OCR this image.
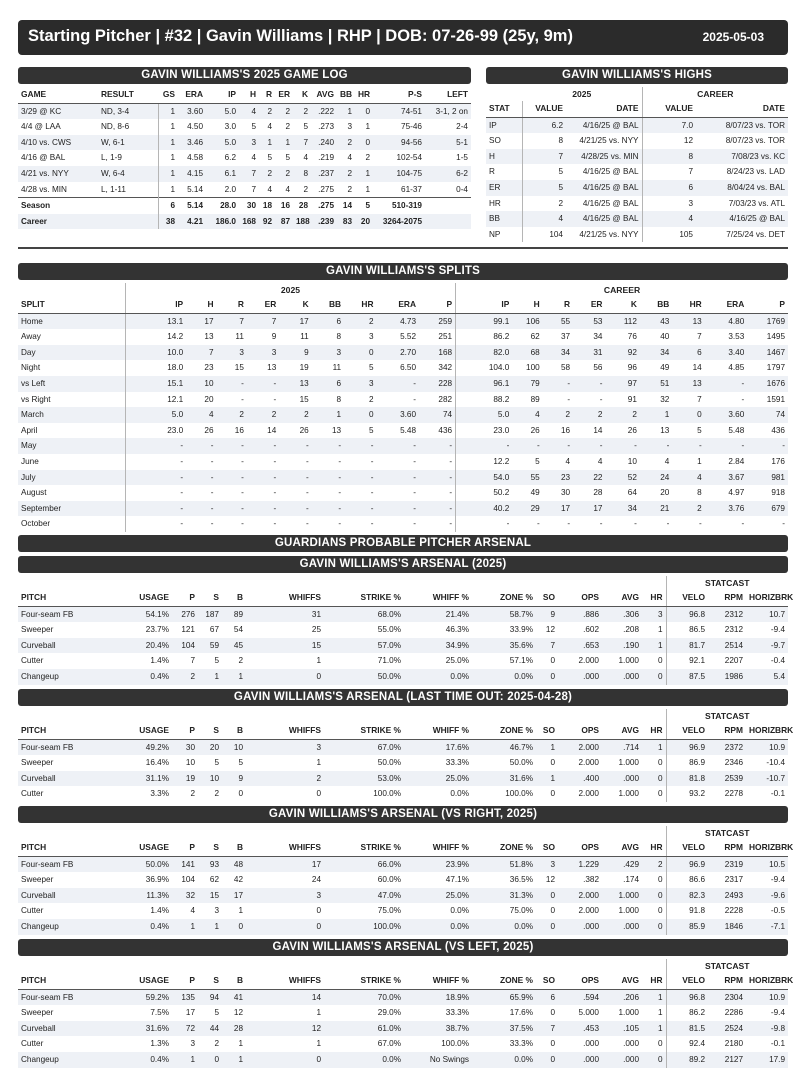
Starting Pitcher | #32 | Gavin Williams | RHP | DOB: 07-26-99 (25y, 9m)	2025-05-03
GAVIN WILLIAMS'S 2025 GAME LOG
GAME	RESULT	GS	ERA	IP	H	R	ER	K	AVG	BB	HR	P-S	LEFT
3/29 @ KC	ND, 3-4	1	3.60	5.0	4	2	2	2	.222	1	0	74-51	3-1, 2 on
4/4 @ LAA	ND, 8-6	1	4.50	3.0	5	4	2	5	.273	3	1	75-46	2-4
4/10 vs. CWS	W, 6-1	1	3.46	5.0	3	1	1	7	.240	2	0	94-56	5-1
4/16 @ BAL	L, 1-9	1	4.58	6.2	4	5	5	4	.219	4	2	102-54	1-5
4/21 vs. NYY	W, 6-4	1	4.15	6.1	7	2	2	8	.237	2	1	104-75	6-2
4/28 vs. MIN	L, 1-11	1	5.14	2.0	7	4	4	2	.275	2	1	61-37	0-4
Season		6	5.14	28.0	30	18	16	28	.275	14	5	510-319	
Career		38	4.21	186.0	168	92	87	188	.239	83	20	3264-2075	
GAVIN WILLIAMS'S HIGHS
	2025		CAREER	
STAT	VALUE	DATE	VALUE	DATE
IP	6.2	4/16/25 @ BAL	7.0	8/07/23 vs. TOR
SO	8	4/21/25 vs. NYY	12	8/07/23 vs. TOR
H	7	4/28/25 vs. MIN	8	7/08/23 vs. KC
R	5	4/16/25 @ BAL	7	8/24/23 vs. LAD
ER	5	4/16/25 @ BAL	6	8/04/24 vs. BAL
HR	2	4/16/25 @ BAL	3	7/03/23 vs. ATL
BB	4	4/16/25 @ BAL	4	4/16/25 @ BAL
NP	104	4/21/25 vs. NYY	105	7/25/24 vs. DET
GAVIN WILLIAMS'S SPLITS
	2025									CAREER								
SPLIT	IP	H	R	ER	K	BB	HR	ERA	P	IP	H	R	ER	K	BB	HR	ERA	P
Home	13.1	17	7	7	17	6	2	4.73	259	99.1	106	55	53	112	43	13	4.80	1769
Away	14.2	13	11	9	11	8	3	5.52	251	86.2	62	37	34	76	40	7	3.53	1495
Day	10.0	7	3	3	9	3	0	2.70	168	82.0	68	34	31	92	34	6	3.40	1467
Night	18.0	23	15	13	19	11	5	6.50	342	104.0	100	58	56	96	49	14	4.85	1797
vs Left	15.1	10	-	-	13	6	3	-	228	96.1	79	-	-	97	51	13	-	1676
vs Right	12.1	20	-	-	15	8	2	-	282	88.2	89	-	-	91	32	7	-	1591
March	5.0	4	2	2	2	1	0	3.60	74	5.0	4	2	2	2	1	0	3.60	74
April	23.0	26	16	14	26	13	5	5.48	436	23.0	26	16	14	26	13	5	5.48	436
May	-	-	-	-	-	-	-	-	-	-	-	-	-	-	-	-	-	-
June	-	-	-	-	-	-	-	-	-	12.2	5	4	4	10	4	1	2.84	176
July	-	-	-	-	-	-	-	-	-	54.0	55	23	22	52	24	4	3.67	981
August	-	-	-	-	-	-	-	-	-	50.2	49	30	28	64	20	8	4.97	918
September	-	-	-	-	-	-	-	-	-	40.2	29	17	17	34	21	2	3.76	679
October	-	-	-	-	-	-	-	-	-	-	-	-	-	-	-	-	-	-
GUARDIANS PROBABLE PITCHER ARSENAL
GAVIN WILLIAMS'S ARSENAL (2025)
													STATCAST		
PITCH	USAGE	P	S	B	WHIFFS	STRIKE %	WHIFF %	ZONE %	SO	OPS	AVG	HR	VELO	RPM	HORIZBRK
Four-seam FB	54.1%	276	187	89	31	68.0%	21.4%	58.7%	9	.886	.306	3	96.8	2312	10.7
Sweeper	23.7%	121	67	54	25	55.0%	46.3%	33.9%	12	.602	.208	1	86.5	2312	-9.4
Curveball	20.4%	104	59	45	15	57.0%	34.9%	35.6%	7	.653	.190	1	81.7	2514	-9.7
Cutter	1.4%	7	5	2	1	71.0%	25.0%	57.1%	0	2.000	1.000	0	92.1	2207	-0.4
Changeup	0.4%	2	1	1	0	50.0%	0.0%	0.0%	0	.000	.000	0	87.5	1986	5.4
GAVIN WILLIAMS'S ARSENAL (LAST TIME OUT: 2025-04-28)
													STATCAST		
PITCH	USAGE	P	S	B	WHIFFS	STRIKE %	WHIFF %	ZONE %	SO	OPS	AVG	HR	VELO	RPM	HORIZBRK
Four-seam FB	49.2%	30	20	10	3	67.0%	17.6%	46.7%	1	2.000	.714	1	96.9	2372	10.9
Sweeper	16.4%	10	5	5	1	50.0%	33.3%	50.0%	0	2.000	1.000	0	86.9	2346	-10.4
Curveball	31.1%	19	10	9	2	53.0%	25.0%	31.6%	1	.400	.000	0	81.8	2539	-10.7
Cutter	3.3%	2	2	0	0	100.0%	0.0%	100.0%	0	2.000	1.000	0	93.2	2278	-0.1
GAVIN WILLIAMS'S ARSENAL (VS RIGHT, 2025)
													STATCAST		
PITCH	USAGE	P	S	B	WHIFFS	STRIKE %	WHIFF %	ZONE %	SO	OPS	AVG	HR	VELO	RPM	HORIZBRK
Four-seam FB	50.0%	141	93	48	17	66.0%	23.9%	51.8%	3	1.229	.429	2	96.9	2319	10.5
Sweeper	36.9%	104	62	42	24	60.0%	47.1%	36.5%	12	.382	.174	0	86.6	2317	-9.4
Curveball	11.3%	32	15	17	3	47.0%	25.0%	31.3%	0	2.000	1.000	0	82.3	2493	-9.6
Cutter	1.4%	4	3	1	0	75.0%	0.0%	75.0%	0	2.000	1.000	0	91.8	2228	-0.5
Changeup	0.4%	1	1	0	0	100.0%	0.0%	0.0%	0	.000	.000	0	85.9	1846	-7.1
GAVIN WILLIAMS'S ARSENAL (VS LEFT, 2025)
													STATCAST		
PITCH	USAGE	P	S	B	WHIFFS	STRIKE %	WHIFF %	ZONE %	SO	OPS	AVG	HR	VELO	RPM	HORIZBRK
Four-seam FB	59.2%	135	94	41	14	70.0%	18.9%	65.9%	6	.594	.206	1	96.8	2304	10.9
Sweeper	7.5%	17	5	12	1	29.0%	33.3%	17.6%	0	5.000	1.000	1	86.2	2286	-9.4
Curveball	31.6%	72	44	28	12	61.0%	38.7%	37.5%	7	.453	.105	1	81.5	2524	-9.8
Cutter	1.3%	3	2	1	1	67.0%	100.0%	33.3%	0	.000	.000	0	92.4	2180	-0.1
Changeup	0.4%	1	0	1	0	0.0%	No Swings	0.0%	0	.000	.000	0	89.2	2127	17.9
